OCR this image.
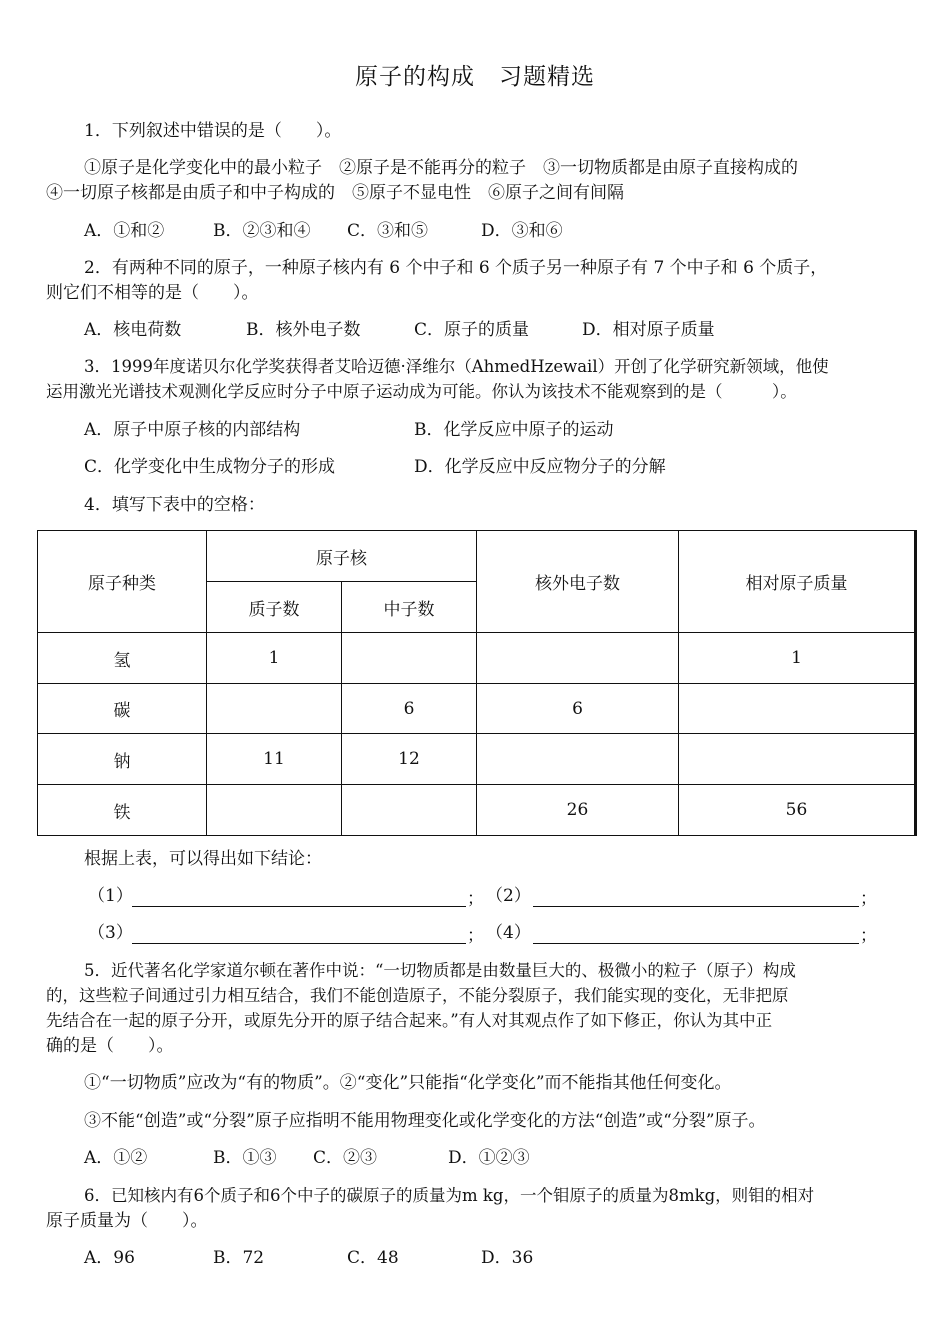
原子的构成　习题精选
1．下列叙述中错误的是（　　）。
①原子是化学变化中的最小粒子　②原子是不能再分的粒子　③一切物质都是由原子直接构成的
④一切原子核都是由质子和中子构成的　⑤原子不显电性　⑥原子之间有间隔
A．①和②	B．②③和④ C．③和⑤	D．③和⑥
2．有两种不同的原子，一种原子核内有 6 个中子和 6 个质子另一种原子有 7 个中子和 6 个质子，
则它们不相等的是（　　）。
A．核电荷数	B．核外电子数	C．原子的质量	D．相对原子质量
3．1999年度诺贝尔化学奖获得者艾哈迈德·泽维尔（AhmedHzewail）开创了化学研究新领域，他使
运用激光光谱技术观测化学反应时分子中原子运动成为可能。你认为该技术不能观察到的是（　　　）。
A．原子中原子核的内部结构	B．化学反应中原子的运动
C．化学变化中生成物分子的形成	D．化学反应中反应物分子的分解
4．填写下表中的空格：
原子种类	原子核		核外电子数	相对原子质量
	质子数	中子数		
氢	1			1
碳		6	6	
钠	11	12		
铁			26	56
根据上表，可以得出如下结论：
（1）	； （2）	；
（3）	； （4）	；
5．近代著名化学家道尔顿在著作中说：“一切物质都是由数量巨大的、极微小的粒子（原子）构成
的，这些粒子间通过引力相互结合，我们不能创造原子，不能分裂原子，我们能实现的变化，无非把原
先结合在一起的原子分开，或原先分开的原子结合起来。”有人对其观点作了如下修正，你认为其中正
确的是（　　）。
①“一切物质”应改为“有的物质”。②“变化”只能指“化学变化”而不能指其他任何变化。
③不能“创造”或“分裂”原子应指明不能用物理变化或化学变化的方法“创造”或“分裂”原子。
A．①②	B．①③ C．②③	D．①②③
6．已知核内有6个质子和6个中子的碳原子的质量为m kg，一个钼原子的质量为8mkg，则钼的相对
原子质量为（　　）。
A．96	B．72	C．48	D．36
